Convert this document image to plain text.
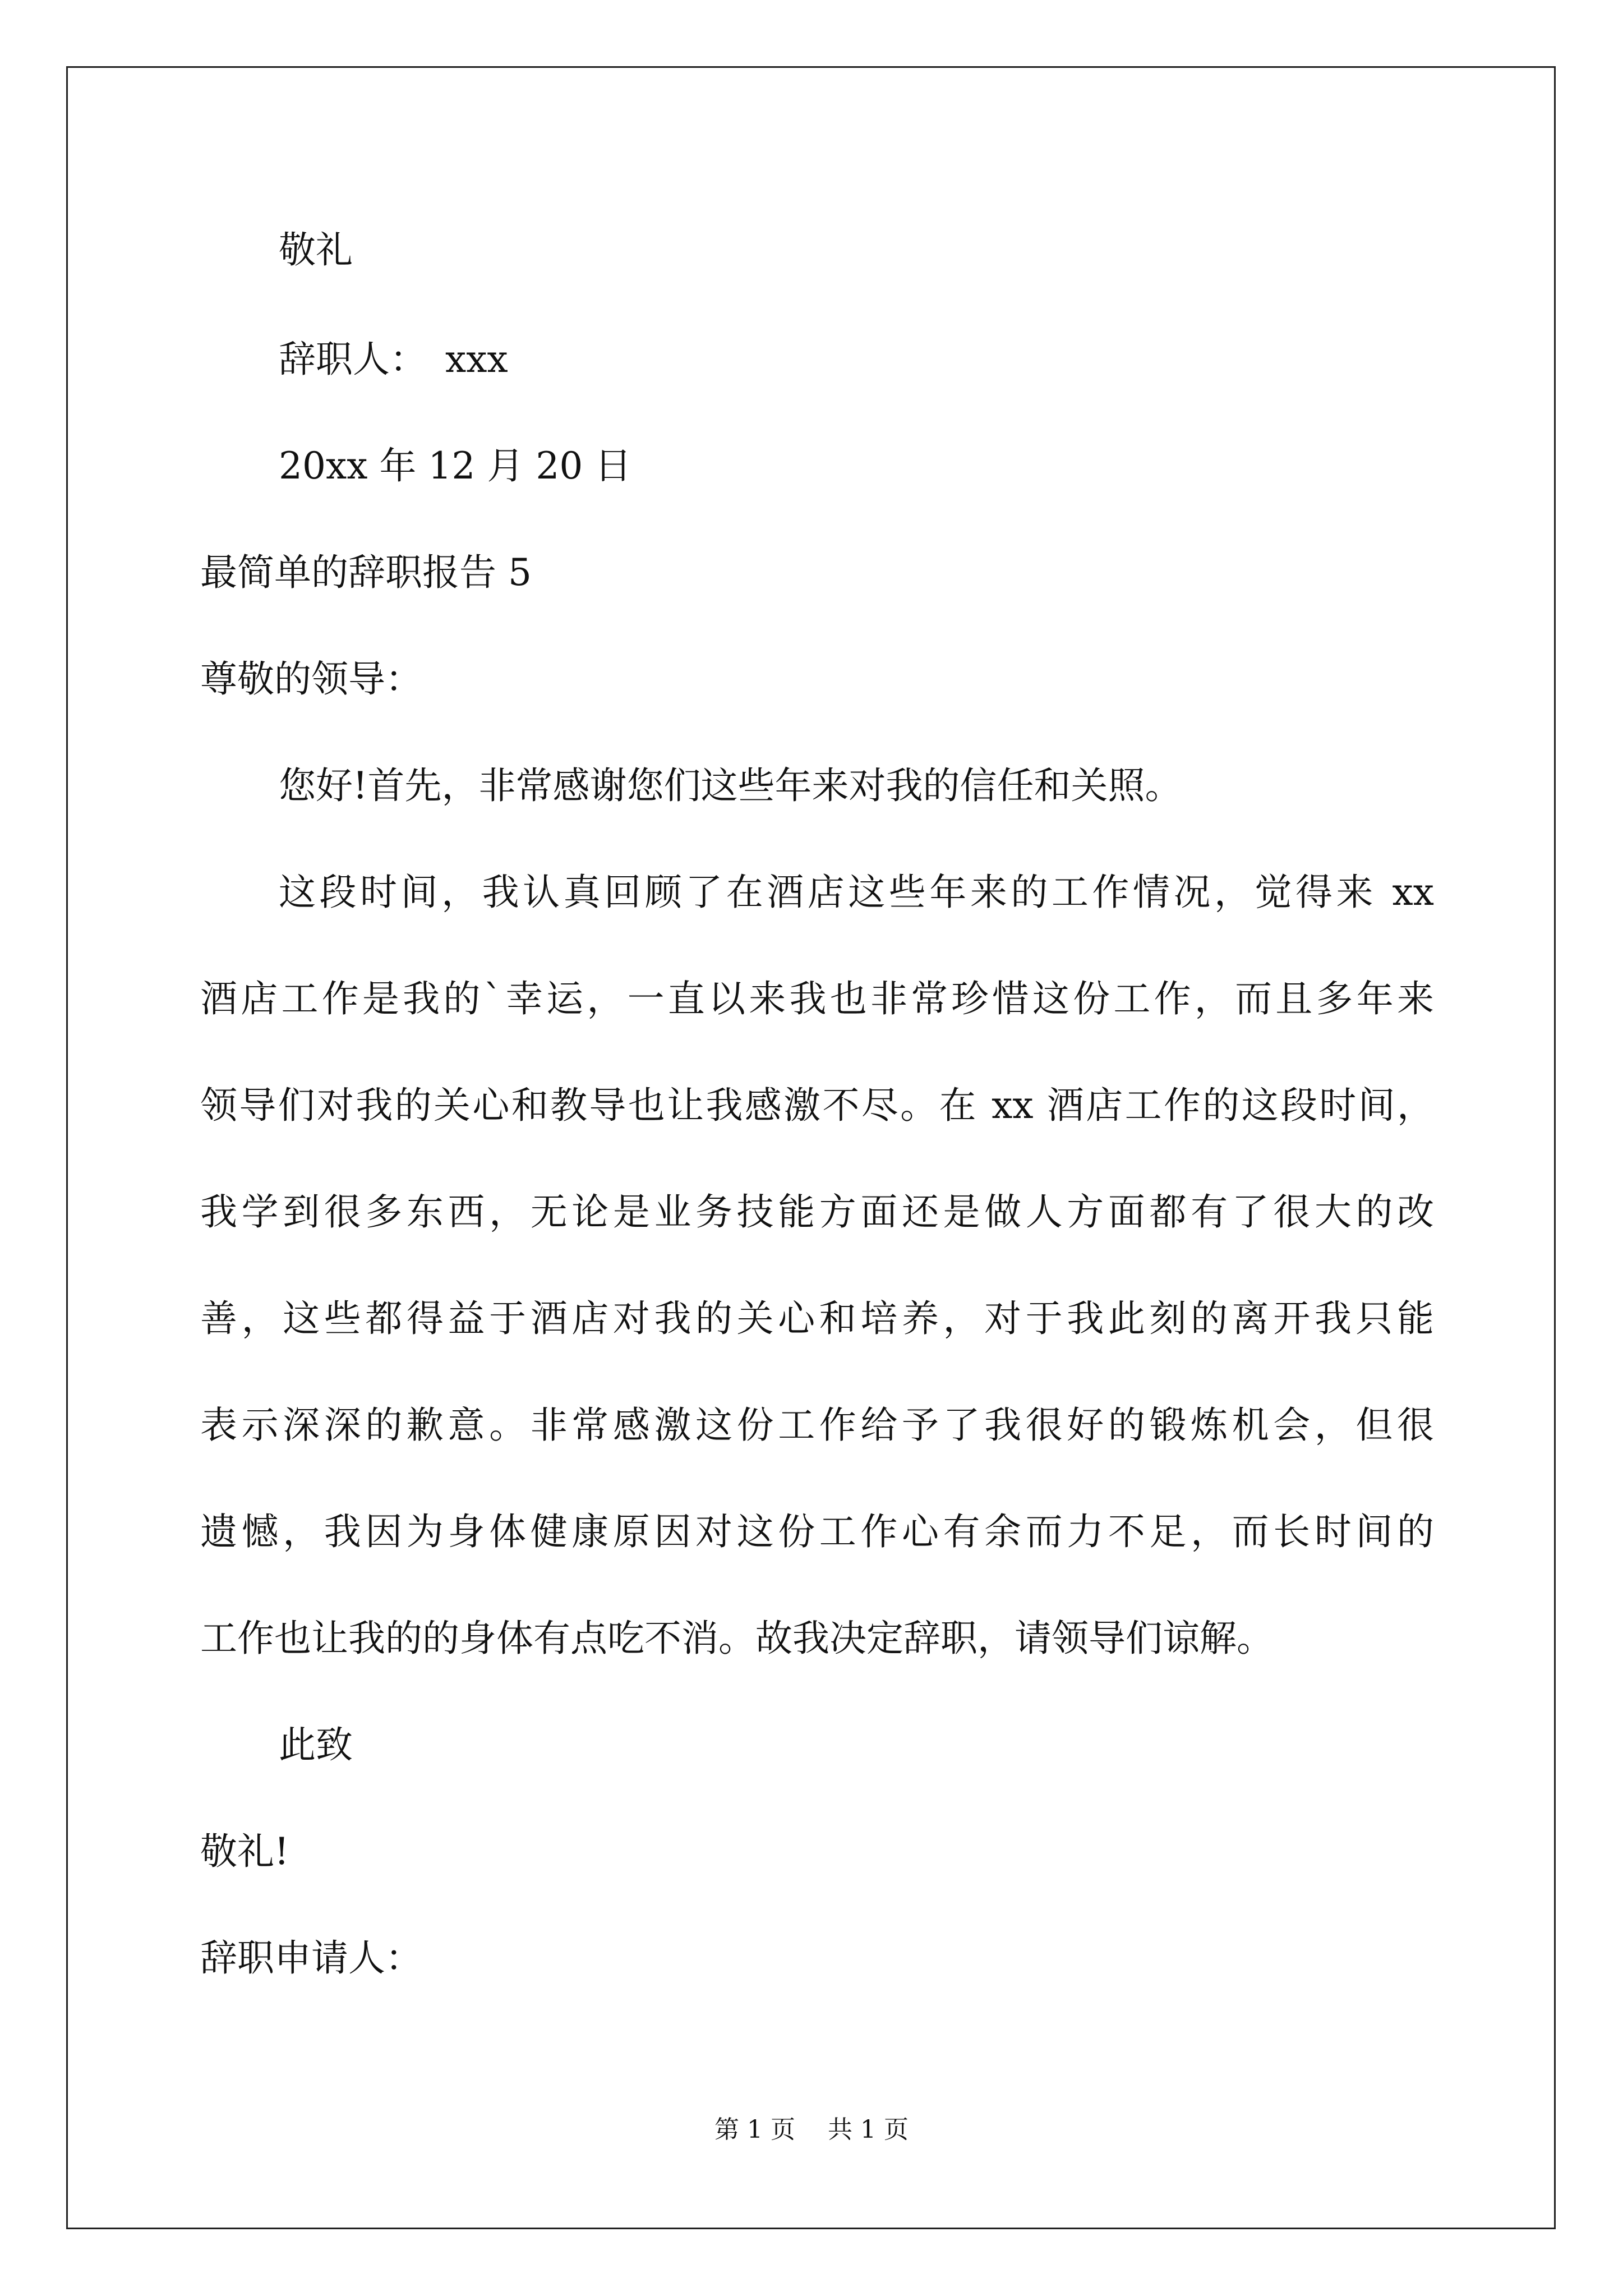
敬礼
辞职人：　xxx
20xx 年 12 月 20 日
最简单的辞职报告 5
尊敬的领导：
您好!首先，非常感谢您们这些年来对我的信任和关照。
这段时间，我认真回顾了在酒店这些年来的工作情况，觉得来 xx
酒店工作是我的`幸运，一直以来我也非常珍惜这份工作，而且多年来
领导们对我的关心和教导也让我感激不尽。在 xx 酒店工作的这段时间，
我学到很多东西，无论是业务技能方面还是做人方面都有了很大的改
善，这些都得益于酒店对我的关心和培养，对于我此刻的离开我只能
表示深深的歉意。非常感激这份工作给予了我很好的锻炼机会，但很
遗憾，我因为身体健康原因对这份工作心有余而力不足，而长时间的
工作也让我的的身体有点吃不消。故我决定辞职，请领导们谅解。
此致
敬礼!
辞职申请人：
第 1 页　 共 1 页
